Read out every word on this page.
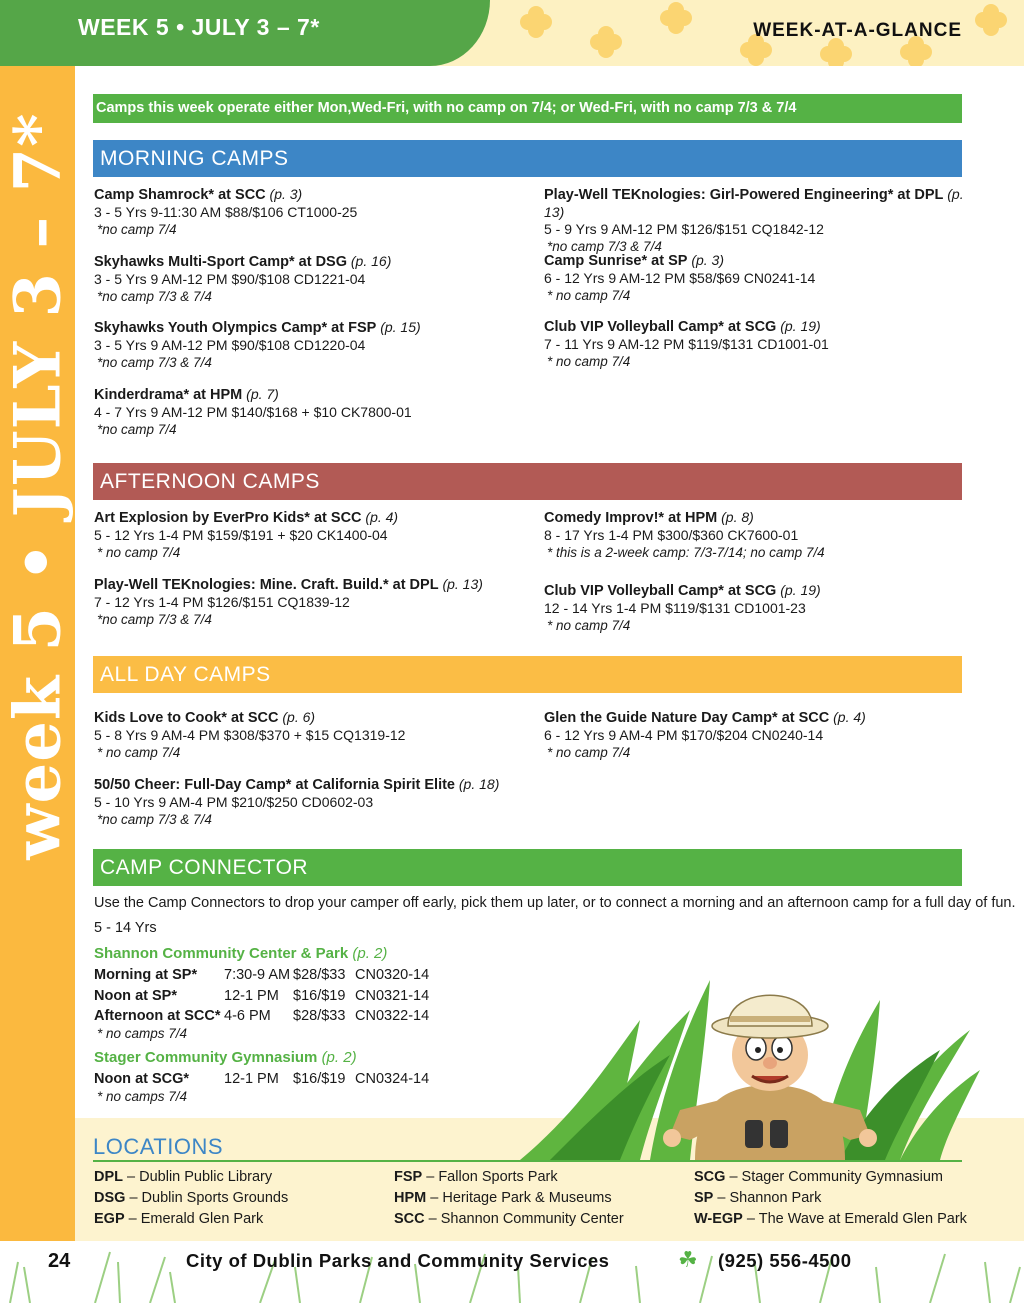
WEEK 5 • JULY 3 – 7*	WEEK-AT-A-GLANCE
week 5 • JULY 3 – 7*
Camps this week operate either Mon,Wed-Fri, with no camp on 7/4; or Wed-Fri, with no camp 7/3 & 7/4
MORNING CAMPS
Camp Shamrock* at SCC (p. 3)
3 - 5 Yrs 9-11:30 AM $88/$106 CT1000-25
*no camp 7/4
Skyhawks Multi-Sport Camp* at DSG (p. 16)
3 - 5 Yrs 9 AM-12 PM $90/$108 CD1221-04
*no camp 7/3 & 7/4
Skyhawks Youth Olympics Camp* at FSP (p. 15)
3 - 5 Yrs 9 AM-12 PM $90/$108 CD1220-04
*no camp 7/3 & 7/4
Kinderdrama* at HPM (p. 7)
4 - 7 Yrs 9 AM-12 PM $140/$168 + $10 CK7800-01
*no camp 7/4
Play-Well TEKnologies: Girl-Powered Engineering* at DPL (p. 13)
5 - 9 Yrs 9 AM-12 PM $126/$151 CQ1842-12
*no camp 7/3 & 7/4
Camp Sunrise* at SP (p. 3)
6 - 12 Yrs 9 AM-12 PM $58/$69 CN0241-14
* no camp 7/4
Club VIP Volleyball Camp* at SCG (p. 19)
7 - 11 Yrs 9 AM-12 PM $119/$131 CD1001-01
* no camp 7/4
AFTERNOON CAMPS
Art Explosion by EverPro Kids* at SCC (p. 4)
5 - 12 Yrs 1-4 PM $159/$191 + $20 CK1400-04
* no camp 7/4
Play-Well TEKnologies: Mine. Craft. Build.* at DPL (p. 13)
7 - 12 Yrs 1-4 PM $126/$151 CQ1839-12
*no camp 7/3 & 7/4
Comedy Improv!* at HPM (p. 8)
8 - 17 Yrs 1-4 PM $300/$360 CK7600-01
* this is a 2-week camp: 7/3-7/14; no camp 7/4
Club VIP Volleyball Camp* at SCG (p. 19)
12 - 14 Yrs 1-4 PM $119/$131 CD1001-23
* no camp 7/4
ALL DAY CAMPS
Kids Love to Cook* at SCC (p. 6)
5 - 8 Yrs 9 AM-4 PM $308/$370 + $15 CQ1319-12
* no camp 7/4
50/50 Cheer: Full-Day Camp* at California Spirit Elite (p. 18)
5 - 10 Yrs 9 AM-4 PM $210/$250 CD0602-03
*no camp 7/3 & 7/4
Glen the Guide Nature Day Camp* at SCC (p. 4)
6 - 12 Yrs 9 AM-4 PM $170/$204 CN0240-14
* no camp 7/4
CAMP CONNECTOR
Use the Camp Connectors to drop your camper off early, pick them up later, or to connect a morning and an afternoon camp for a full day of fun.
5 - 14 Yrs
Shannon Community Center & Park (p. 2)
Morning at SP* 7:30-9 AM $28/$33 CN0320-14
Noon at SP*	12-1 PM $16/$19 CN0321-14
Afternoon at SCC* 4-6 PM $28/$33 CN0322-14
* no camps 7/4
Stager Community Gymnasium (p. 2)
Noon at SCG* 12-1 PM $16/$19 CN0324-14
* no camps 7/4
LOCATIONS
DPL – Dublin Public Library
DSG – Dublin Sports Grounds
EGP – Emerald Glen Park
FSP – Fallon Sports Park
HPM – Heritage Park & Museums
SCC – Shannon Community Center
SCG – Stager Community Gymnasium
SP – Shannon Park
W-EGP – The Wave at Emerald Glen Park
24	City of Dublin Parks and Community Services	☘ (925) 556-4500
